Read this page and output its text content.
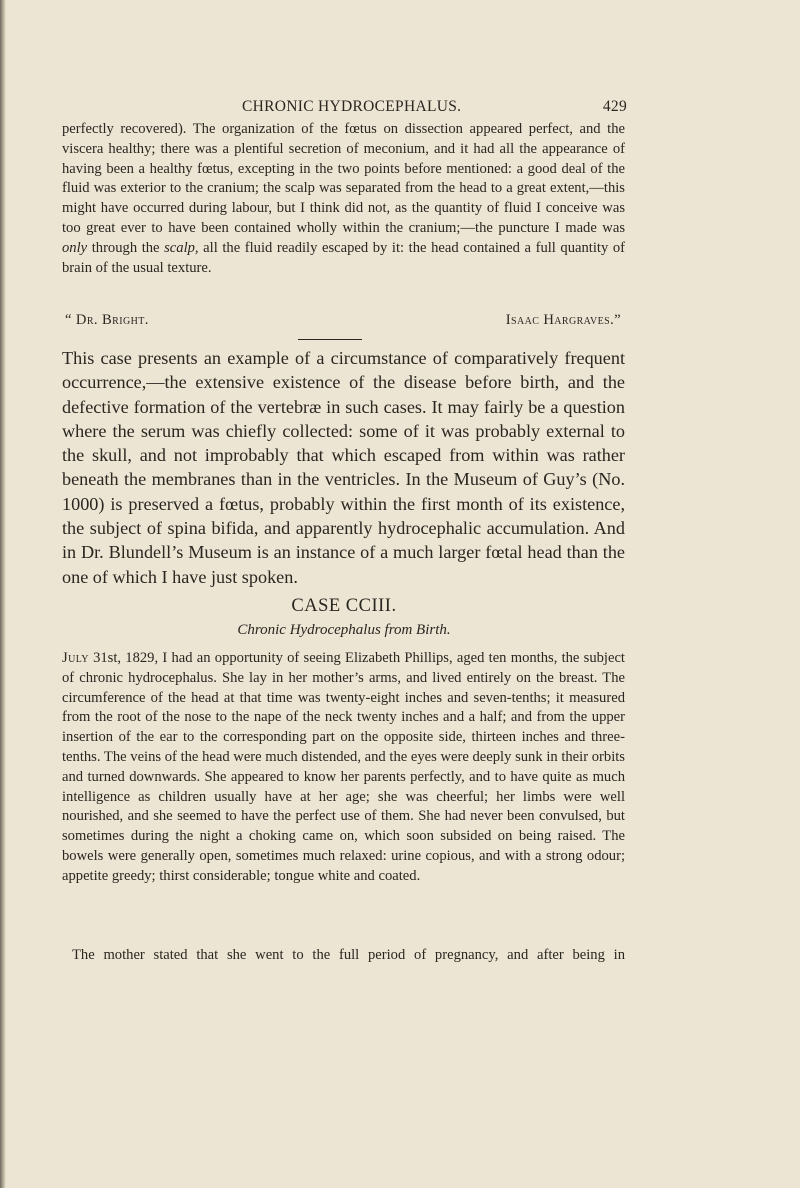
CHRONIC HYDROCEPHALUS.	429

perfectly recovered). The organization of the fœtus on dissection appeared perfect, and the viscera healthy; there was a plentiful secretion of meconium, and it had all the appearance of having been a healthy fœtus, excepting in the two points before mentioned: a good deal of the fluid was exterior to the cranium; the scalp was separated from the head to a great extent,—this might have occurred during labour, but I think did not, as the quantity of fluid I conceive was too great ever to have been contained wholly within the cranium;—the puncture I made was only through the scalp, all the fluid readily escaped by it: the head contained a full quantity of brain of the usual texture.

“ Dr. Bright.	Isaac Hargraves.”

This case presents an example of a circumstance of comparatively frequent occurrence,—the extensive existence of the disease before birth, and the defective formation of the vertebræ in such cases. It may fairly be a question where the serum was chiefly collected: some of it was probably external to the skull, and not improbably that which escaped from within was rather beneath the membranes than in the ventricles. In the Museum of Guy’s (No. 1000) is preserved a fœtus, probably within the first month of its existence, the subject of spina bifida, and apparently hydrocephalic accumulation. And in Dr. Blundell’s Museum is an instance of a much larger fœtal head than the one of which I have just spoken.

CASE CCIII.
Chronic Hydrocephalus from Birth.

July 31st, 1829, I had an opportunity of seeing Elizabeth Phillips, aged ten months, the subject of chronic hydrocephalus. She lay in her mother’s arms, and lived entirely on the breast. The circumference of the head at that time was twenty-eight inches and seven-tenths; it measured from the root of the nose to the nape of the neck twenty inches and a half; and from the upper insertion of the ear to the corresponding part on the opposite side, thirteen inches and three-tenths. The veins of the head were much distended, and the eyes were deeply sunk in their orbits and turned downwards. She appeared to know her parents perfectly, and to have quite as much intelligence as children usually have at her age; she was cheerful; her limbs were well nourished, and she seemed to have the perfect use of them. She had never been convulsed, but sometimes during the night a choking came on, which soon subsided on being raised. The bowels were generally open, sometimes much relaxed: urine copious, and with a strong odour; appetite greedy; thirst considerable; tongue white and coated.

The mother stated that she went to the full period of pregnancy, and after being in
